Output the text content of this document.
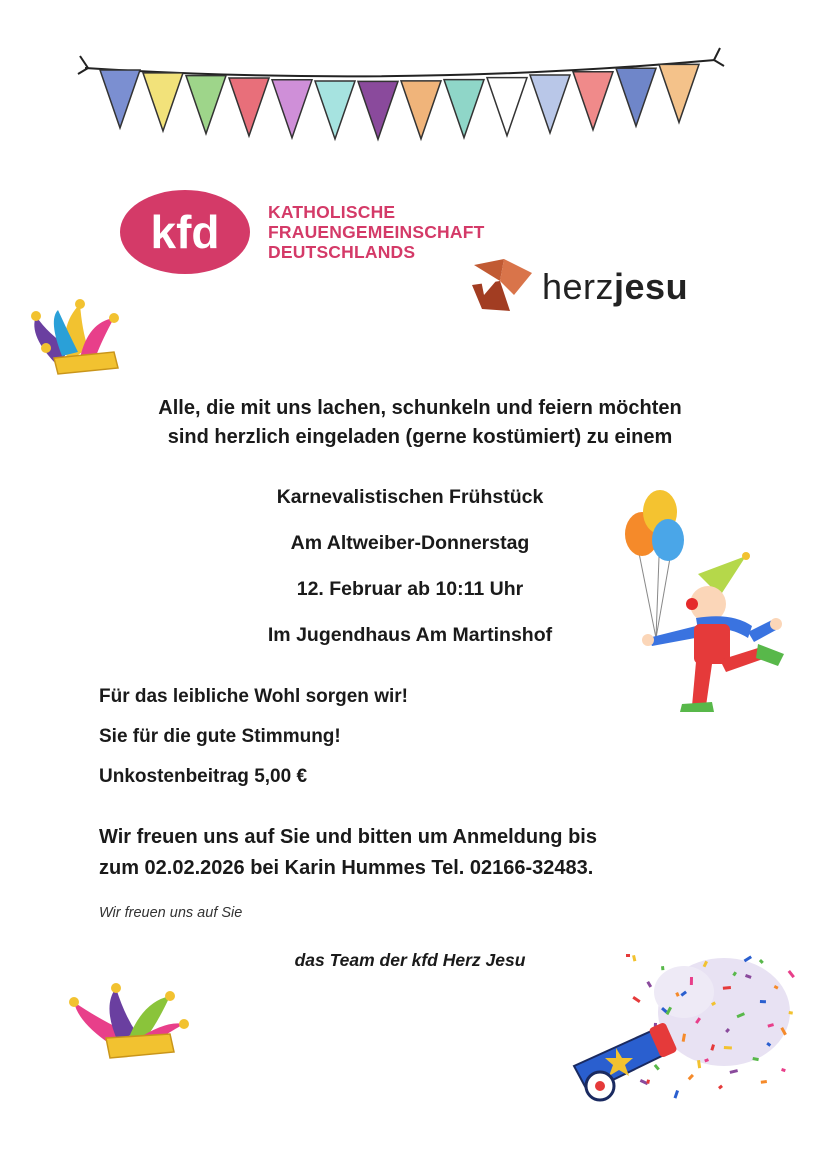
kfd	KATHOLISCHE
FRAUENGEMEINSCHAFT
DEUTSCHLANDS
herzjesu
Alle, die mit uns lachen, schunkeln und feiern möchten
sind herzlich eingeladen (gerne kostümiert) zu einem
Karnevalistischen Frühstück
Am Altweiber-Donnerstag
12. Februar ab 10:11 Uhr
Im Jugendhaus Am Martinshof
Für das leibliche Wohl sorgen wir!
Sie für die gute Stimmung!
Unkostenbeitrag 5,00 €
Wir freuen uns auf Sie und bitten um Anmeldung bis
zum 02.02.2026 bei Karin Hummes Tel. 02166-32483.
Wir freuen uns auf Sie
das Team der kfd Herz Jesu
